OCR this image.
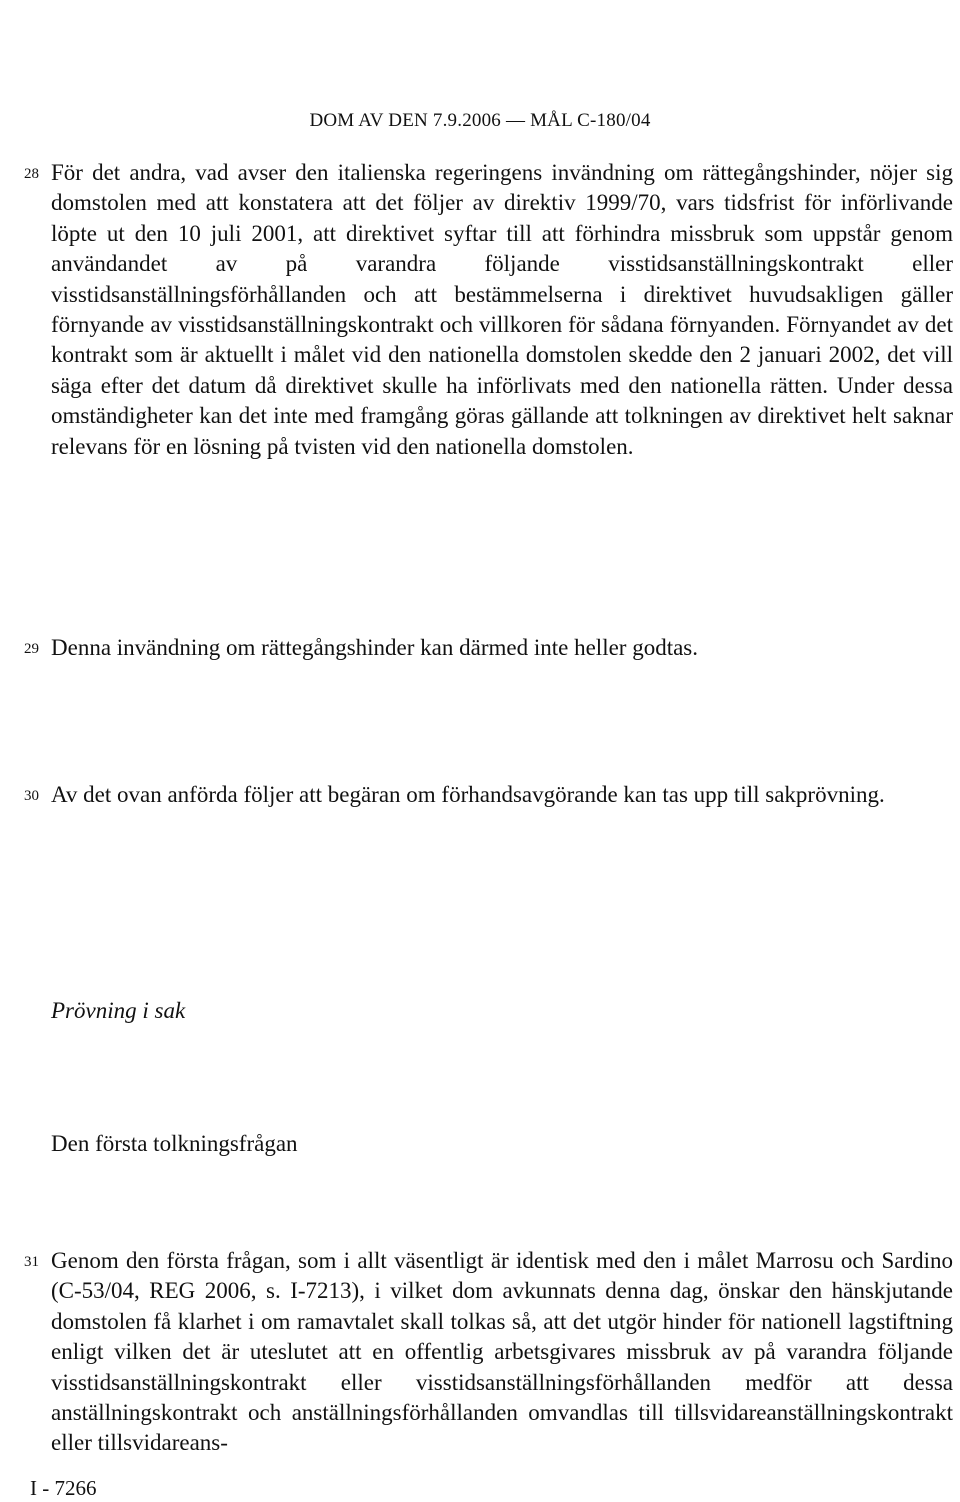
DOM AV DEN 7.9.2006 — MÅL C-180/04
28 För det andra, vad avser den italienska regeringens invändning om rättegångshinder, nöjer sig domstolen med att konstatera att det följer av direktiv 1999/70, vars tidsfrist för införlivande löpte ut den 10 juli 2001, att direktivet syftar till att förhindra missbruk som uppstår genom användandet av på varandra följande visstidsanställningskontrakt eller visstidsanställningsförhållanden och att bestämmelserna i direktivet huvudsakligen gäller förnyande av visstidsanställningskontrakt och villkoren för sådana förnyanden. Förnyandet av det kontrakt som är aktuellt i målet vid den nationella domstolen skedde den 2 januari 2002, det vill säga efter det datum då direktivet skulle ha införlivats med den nationella rätten. Under dessa omständigheter kan det inte med framgång göras gällande att tolkningen av direktivet helt saknar relevans för en lösning på tvisten vid den nationella domstolen.
29 Denna invändning om rättegångshinder kan därmed inte heller godtas.
30 Av det ovan anförda följer att begäran om förhandsavgörande kan tas upp till sakprövning.
Prövning i sak
Den första tolkningsfrågan
31 Genom den första frågan, som i allt väsentligt är identisk med den i målet Marrosu och Sardino (C-53/04, REG 2006, s. I-7213), i vilket dom avkunnats denna dag, önskar den hänskjutande domstolen få klarhet i om ramavtalet skall tolkas så, att det utgör hinder för nationell lagstiftning enligt vilken det är uteslutet att en offentlig arbetsgivares missbruk av på varandra följande visstidsanställningskontrakt eller visstidsanställningsförhållanden medför att dessa anställningskontrakt och anställningsförhållanden omvandlas till tillsvidareanställningskontrakt eller tillsvidareans-
I - 7266
